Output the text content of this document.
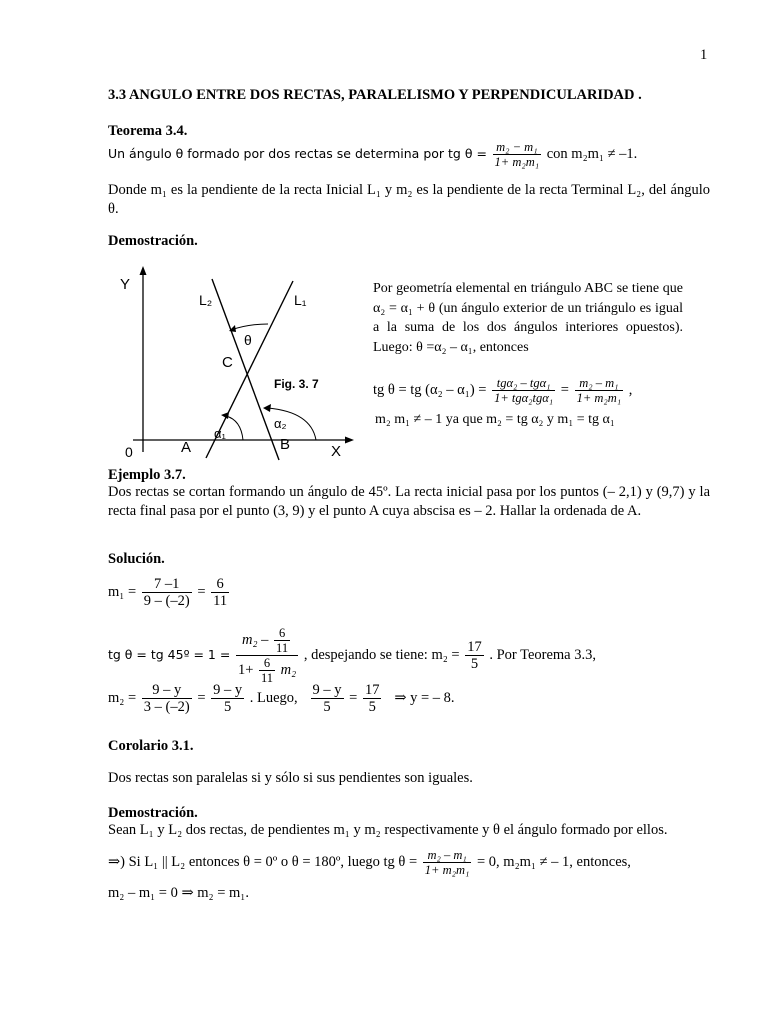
1
3.3 ANGULO ENTRE DOS RECTAS, PARALELISMO Y PERPENDICULARIDAD .
Teorema 3.4.
Un ángulo θ formado por dos rectas se determina por tg $\theta = \frac{\text{m₂ − m₁}}{\text{1+ m₂m₁}}$ con m₂m₁ ≠ –1.
Donde m₁ es la pendiente de la recta Inicial L₁ y m₂ es la pendiente de la recta Terminal L₂, del ángulo θ.
Demostración.
Y
L₂	L₁
θ
C
Fig. 3. 7
α₂
α₁
A	B
0	X
Por geometría elemental en triángulo ABC se tiene que α₂ = α₁ + θ (un ángulo exterior de un triángulo es igual a la suma de los dos ángulos interiores opuestos). Luego: θ =α₂ – α₁, entonces
tg θ = tg (α₂ – α₁) = tgα₂ – tgα₁
1+ tgα₂tgα₁
= $\frac{\text{m₂ – m₁}}{\text{1+ m₂m₁}}$ ,
m₂ m₁ ≠ – 1 ya que m₂ = tg α₂ y m₁ = tg α₁
Ejemplo 3.7.
Dos rectas se cortan formando un ángulo de 45º. La recta inicial pasa por los puntos (– 2,1) y (9,7) y la recta final pasa por el punto (3, 9) y el punto A cuya abscisa es – 2. Hallar la ordenada de A.
Solución.
$m_1 = \frac{7 -1}{9 - (-2)} = \frac{6}{11}$
tg θ = tg 45º = $1 = \frac{m_2 - \frac{6}{11}}{1+ \frac{6}{11} m_2}$ , despejando se tiene: $m_2 = \frac{17}{5}$ . Por Teorema 3.3,
$m_2 = \frac{9 - y}{3 - (-2)} = \frac{9 - y}{5}$ . Luego, $\frac{9 - y}{5} = \frac{17}{5}$ ⇒ y = – 8.
Corolario 3.1.
Dos rectas son paralelas si y sólo si sus pendientes son iguales.
Demostración.
Sean L₁ y L₂ dos rectas, de pendientes m₁ y m₂ respectivamente y θ el ángulo formado por ellos.
⇒) Si L₁ || L₂ entonces θ = 0º o θ = 180º, luego tg $\theta = \frac{\text{m₂ – m₁}}{\text{1+ m₂m₁}} = 0$, m₂m₁ ≠ – 1, entonces,
m₂ – m₁ = 0 ⇒ m₂ = m₁.
